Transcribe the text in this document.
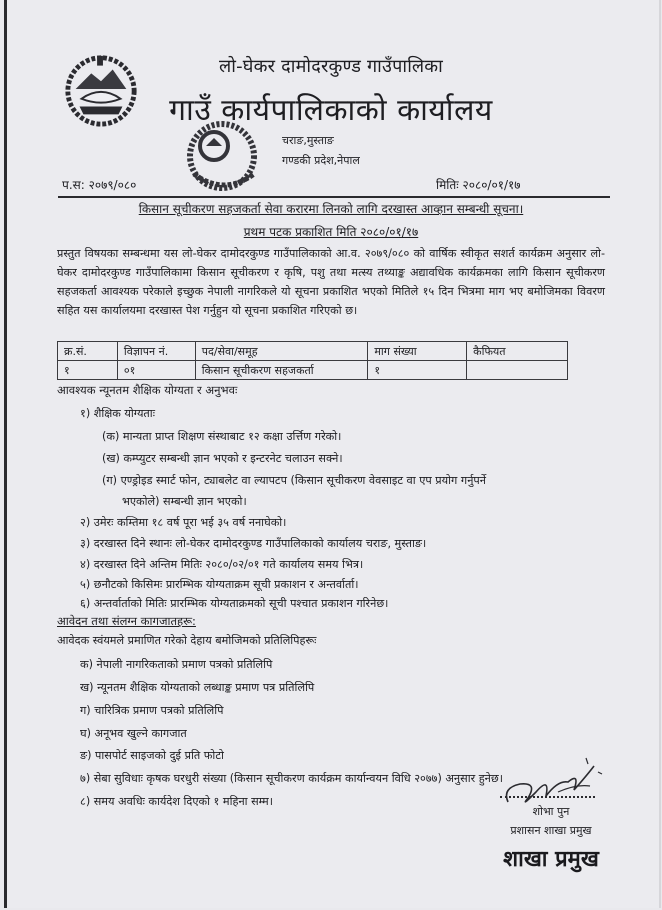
लो-घेकर दामोदरकुण्ड गाउँपालिका
गाउँ कार्यपालिकाको कार्यालय
चराङ,मुस्ताङ
गण्डकी प्रदेश,नेपाल
प.स: २०७९/०८०	मितिः २०८०/०१/१७
किसान सूचीकरण सहजकर्ता सेवा करारमा लिनको लागि दरखास्त आव्हान सम्बन्धी सूचना।
प्रथम पटक प्रकाशित मिति २०८०/०१/१७
प्रस्तुत विषयका सम्बन्धमा यस लो-घेकर दामोदरकुण्ड गाउँपालिकाको आ.व. २०७९/०८० को वार्षिक स्वीकृत सशर्त कार्यक्रम अनुसार लो-घेकर दामोदरकुण्ड गाउँपालिकामा किसान सूचीकरण र कृषि, पशु तथा मत्स्य तथ्याङ्क अद्यावधिक कार्यक्रमका लागि किसान सूचीकरण सहजकर्ता आवश्यक परेकाले इच्छुक नेपाली नागरिकले यो सूचना प्रकाशित भएको मितिले १५ दिन भित्रमा माग भए बमोजिमका विवरण सहित यस कार्यालयमा दरखास्त पेश गर्नुहुन यो सूचना प्रकाशित गरिएको छ।
क्र.सं.	विज्ञापन नं.	पद/सेवा/समूह	माग संख्या	कैफियत
१	०१	किसान सूचीकरण सहजकर्ता	१	
आवश्यक न्यूनतम शैक्षिक योग्यता र अनुभवः
१) शैक्षिक योग्यताः
(क) मान्यता प्राप्त शिक्षण संस्थाबाट १२ कक्षा उर्त्तिण गरेको।
(ख) कम्प्युटर सम्बन्धी ज्ञान भएको र इन्टरनेट चलाउन सक्ने।
(ग) एण्ड्रोइड स्मार्ट फोन, ट्याबलेट वा ल्यापटप (किसान सूचीकरण वेवसाइट वा एप प्रयोग गर्नुपर्ने
भएकोले) सम्बन्धी ज्ञान भएको।
२) उमेरः कम्तिमा १८ वर्ष पूरा भई ३५ वर्ष ननाघेको।
३) दरखास्त दिने स्थानः लो-घेकर दामोदरकुण्ड गाउँपालिकाको कार्यालय चराङ, मुस्ताङ।
४) दरखास्त दिने अन्तिम मितिः २०८०/०२/०१ गते कार्यालय समय भित्र।
५) छनौटको किसिमः प्रारम्भिक योग्यताक्रम सूची प्रकाशन र अन्तर्वार्ता।
६) अन्तर्वार्ताको मितिः प्रारम्भिक योग्यताक्रमको सूची पश्चात प्रकाशन गरिनेछ।
आवेदन तथा संलग्न कागजातहरू:
आवेदक स्वंयमले प्रमाणित गरेको देहाय बमोजिमको प्रतिलिपिहरूः
क) नेपाली नागरिकताको प्रमाण पत्रको प्रतिलिपि
ख) न्यूनतम शैक्षिक योग्यताको लब्धाङ्क प्रमाण पत्र प्रतिलिपि
ग) चारित्रिक प्रमाण पत्रको प्रतिलिपि
घ) अनूभव खुल्ने कागजात
ङ) पासपोर्ट साइजको दुई प्रति फोटो
७) सेबा सुविधाः कृषक घरधुरी संख्या (किसान सूचीकरण कार्यक्रम कार्यान्वयन विधि २०७७) अनुसार हुनेछ।
८) समय अवधिः कार्यदेश दिएको १ महिना सम्म।
शोभा पुन
प्रशासन शाखा प्रमुख
शाखा प्रमुख
